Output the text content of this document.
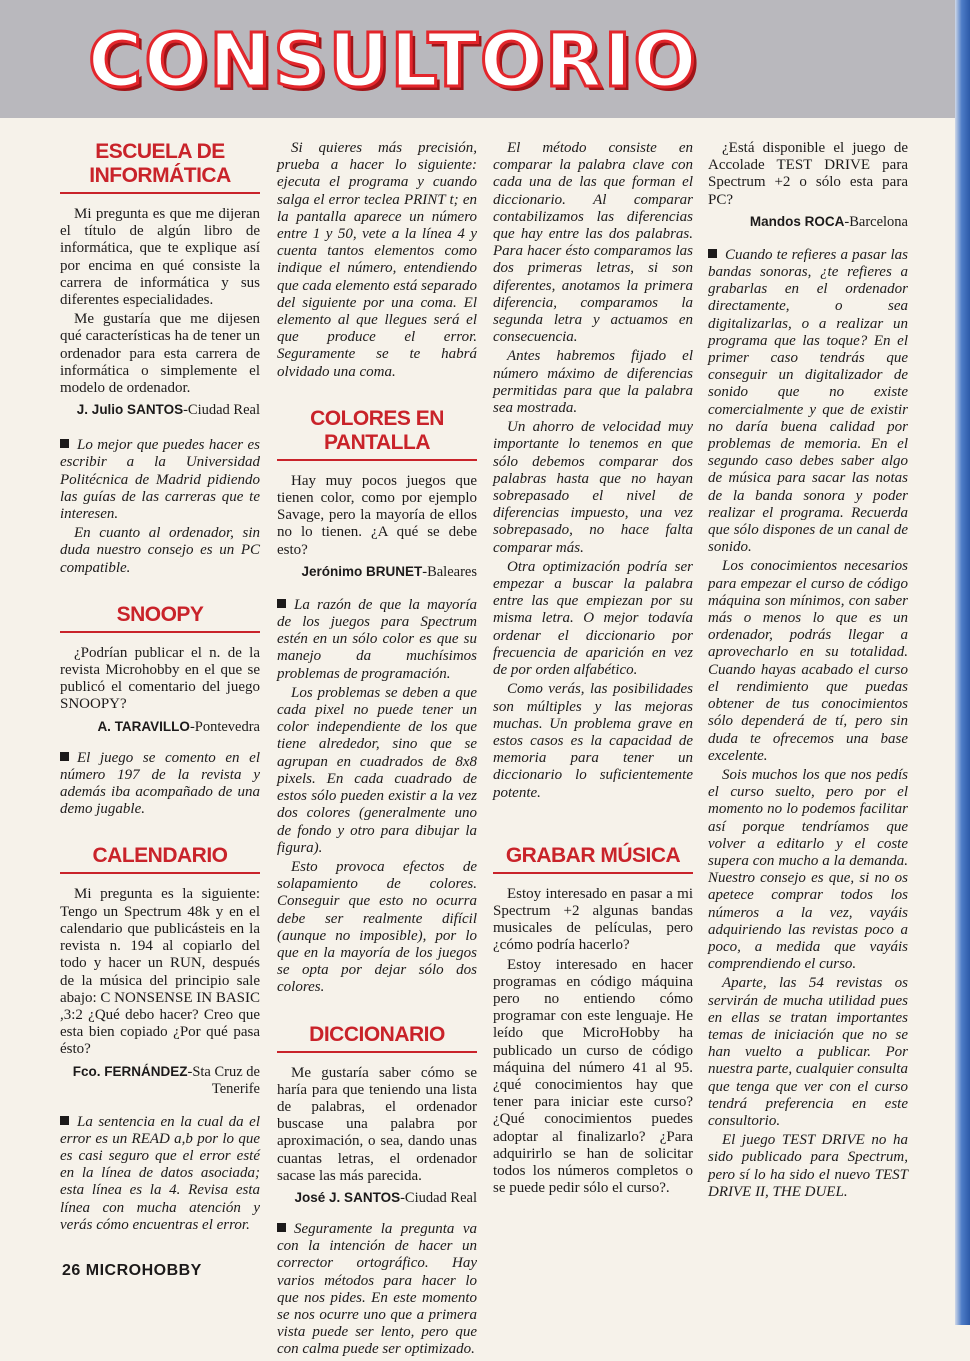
CONSULTORIO
ESCUELA DE INFORMÁTICA

Mi pregunta es que me dijeran el título de algún libro de informática, que te explique así por encima en qué consiste la carrera de informática y sus diferentes especialidades.

Me gustaría que me dijesen qué características ha de tener un ordenador para esta carrera de informática o simplemente el modelo de ordenador.

J. Julio SANTOS-Ciudad Real

Lo mejor que puedes hacer es escribir a la Universidad Politécnica de Madrid pidiendo las guías de las carreras que te interesen.

En cuanto al ordenador, sin duda nuestro consejo es un PC compatible.

SNOOPY

¿Podrían publicar el n. de la revista Microhobby en el que se publicó el comentario del juego SNOOPY?

A. TARAVILLO-Pontevedra

El juego se comento en el número 197 de la revista y además iba acompañado de una demo jugable.

CALENDARIO

Mi pregunta es la siguiente: Tengo un Spectrum 48k y en el calendario que publicásteis en la revista n. 194 al copiarlo del todo y hacer un RUN, después de la música del principio sale abajo: C NONSENSE IN BASIC ,3:2 ¿Qué debo hacer? Creo que esta bien copiado ¿Por qué pasa ésto?

Fco. FERNÁNDEZ-Sta Cruz de Tenerife

La sentencia en la cual da el error es un READ a,b por lo que es casi seguro que el error esté en la línea de datos asociada; esta línea es la 4. Revisa esta línea con mucha atención y verás cómo encuentras el error.

Si quieres más precisión, prueba a hacer lo siguiente: ejecuta el programa y cuando salga el error teclea PRINT t; en la pantalla aparece un número entre 1 y 50, vete a la línea 4 y cuenta tantos elementos como indique el número, entendiendo que cada elemento está separado del siguiente por una coma. El elemento al que llegues será el que produce el error. Seguramente se te habrá olvidado una coma.

COLORES EN PANTALLA

Hay muy pocos juegos que tienen color, como por ejemplo Savage, pero la mayoría de ellos no lo tienen. ¿A qué se debe esto?

Jerónimo BRUNET-Baleares

La razón de que la mayoría de los juegos para Spectrum estén en un sólo color es que su manejo da muchísimos problemas de programación.

Los problemas se deben a que cada pixel no puede tener un color independiente de los que tiene alrededor, sino que se agrupan en cuadrados de 8x8 pixels. En cada cuadrado de estos sólo pueden existir a la vez dos colores (generalmente uno de fondo y otro para dibujar la figura).

Esto provoca efectos de solapamiento de colores. Conseguir que esto no ocurra debe ser realmente difícil (aunque no imposible), por lo que en la mayoría de los juegos se opta por dejar sólo dos colores.

DICCIONARIO

Me gustaría saber cómo se haría para que teniendo una lista de palabras, el ordenador buscase una palabra por aproximación, o sea, dando unas cuantas letras, el ordenador sacase las más parecida.

José J. SANTOS-Ciudad Real

Seguramente la pregunta va con la intención de hacer un corrector ortográfico. Hay varios métodos para hacer lo que nos pides. En este momento se nos ocurre uno que a primera vista puede ser lento, pero que con calma puede ser optimizado.

El método consiste en comparar la palabra clave con cada una de las que forman el diccionario. Al comparar contabilizamos las diferencias que hay entre las dos palabras. Para hacer ésto comparamos las dos primeras letras, si son diferentes, anotamos la primera diferencia, comparamos la segunda letra y actuamos en consecuencia.

Antes habremos fijado el número máximo de diferencias permitidas para que la palabra sea mostrada.

Un ahorro de velocidad muy importante lo tenemos en que sólo debemos comparar dos palabras hasta que no hayan sobrepasado el nivel de diferencias impuesto, una vez sobrepasado, no hace falta comparar más.

Otra optimización podría ser empezar a buscar la palabra entre las que empiezan por su misma letra. O mejor todavía ordenar el diccionario por frecuencia de aparición en vez de por orden alfabético.

Como verás, las posibilidades son múltiples y las mejoras muchas. Un problema grave en estos casos es la capacidad de memoria para tener un diccionario lo suficientemente potente.

GRABAR MÚSICA

Estoy interesado en pasar a mi Spectrum +2 algunas bandas musicales de películas, pero ¿cómo podría hacerlo?

Estoy interesado en hacer programas en código máquina pero no entiendo cómo programar con este lenguaje. He leído que MicroHobby ha publicado un curso de código máquina del número 41 al 95. ¿qué conocimientos hay que tener para iniciar este curso? ¿Qué conocimientos puedes adoptar al finalizarlo? ¿Para adquirirlo se han de solicitar todos los números completos o se puede pedir sólo el curso?.

¿Está disponible el juego de Accolade TEST DRIVE para Spectrum +2 o sólo esta para PC?

Mandos ROCA-Barcelona

Cuando te refieres a pasar las bandas sonoras, ¿te refieres a grabarlas en el ordenador directamente, o sea digitalizarlas, o a realizar un programa que las toque? En el primer caso tendrás que conseguir un digitalizador de sonido que no existe comercialmente y que de existir no daría buena calidad por problemas de memoria. En el segundo caso debes saber algo de música para sacar las notas de la banda sonora y poder realizar el programa. Recuerda que sólo dispones de un canal de sonido.

Los conocimientos necesarios para empezar el curso de código máquina son mínimos, con saber más o menos lo que es un ordenador, podrás llegar a aprovecharlo en su totalidad. Cuando hayas acabado el curso el rendimiento que puedas obtener de tus conocimientos sólo dependerá de tí, pero sin duda te ofrecemos una base excelente.

Sois muchos los que nos pedís el curso suelto, pero por el momento no lo podemos facilitar así porque tendríamos que volver a editarlo y el coste supera con mucho a la demanda. Nuestro consejo es que, si no os apetece comprar todos los números a la vez, vayáis adquiriendo las revistas poco a poco, a medida que vayáis comprendiendo el curso.

Aparte, las 54 revistas os servirán de mucha utilidad pues en ellas se tratan importantes temas de iniciación que no se han vuelto a publicar. Por nuestra parte, cualquier consulta que tenga que ver con el curso tendrá preferencia en este consultorio.

El juego TEST DRIVE no ha sido publicado para Spectrum, pero sí lo ha sido el nuevo TEST DRIVE II, THE DUEL.

26 MICROHOBBY
